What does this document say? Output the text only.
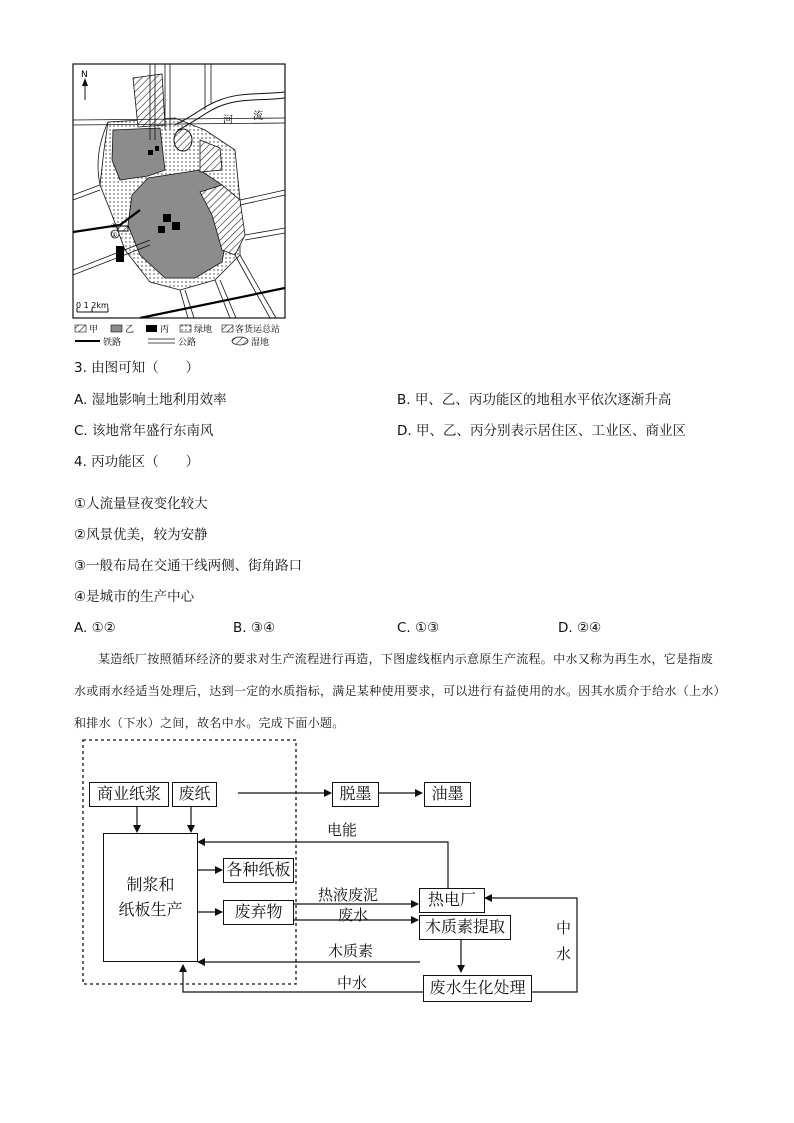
N
河 流
②
①
0 1 2km
甲	乙	丙	绿地	客货运总站
铁路	公路	湿地
3. 由图可知（　　）
A. 湿地影响土地利用效率	B. 甲、乙、丙功能区的地租水平依次逐渐升高
C. 该地常年盛行东南风	D. 甲、乙、丙分别表示居住区、工业区、商业区
4. 丙功能区（　　）
①人流量昼夜变化较大
②风景优美，较为安静
③一般布局在交通干线两侧、街角路口
④是城市的生产中心
A. ①②	B. ③④	C. ①③	D. ②④
某造纸厂按照循环经济的要求对生产流程进行再造，下图虚线框内示意原生产流程。中水又称为再生水，它是指废水或雨水经适当处理后，达到一定的水质指标，满足某种使用要求，可以进行有益使用的水。因其水质介于给水（上水）和排水（下水）之间，故名中水。完成下面小题。
商业纸浆	废纸	脱墨	油墨
制浆和
纸板生产
各种纸板
废弃物
热电厂
木质素提取
废水生化处理
电能
热液废泥
废水
木质素
中水
中
水
